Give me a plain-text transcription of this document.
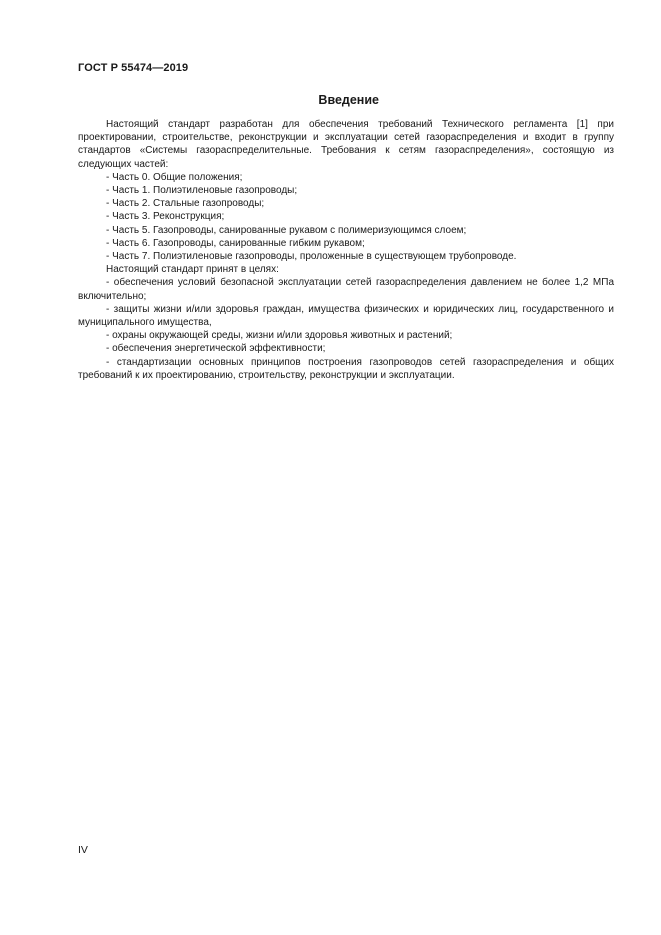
ГОСТ Р 55474—2019
Введение

Настоящий стандарт разработан для обеспечения требований Технического регламента [1] при проектировании, строительстве, реконструкции и эксплуатации сетей газораспределения и входит в группу стандартов «Системы газораспределительные. Требования к сетям газораспределения», состоящую из следующих частей:

- Часть 0. Общие положения;

- Часть 1. Полиэтиленовые газопроводы;

- Часть 2. Стальные газопроводы;

- Часть 3. Реконструкция;

- Часть 5. Газопроводы, санированные рукавом с полимеризующимся слоем;

- Часть 6. Газопроводы, санированные гибким рукавом;

- Часть 7. Полиэтиленовые газопроводы, проложенные в существующем трубопроводе.

Настоящий стандарт принят в целях:

- обеспечения условий безопасной эксплуатации сетей газораспределения давлением не более 1,2 МПа включительно;

- защиты жизни и/или здоровья граждан, имущества физических и юридических лиц, государственного и муниципального имущества,

- охраны окружающей среды, жизни и/или здоровья животных и растений;

- обеспечения энергетической эффективности;

- стандартизации основных принципов построения газопроводов сетей газораспределения и общих требований к их проектированию, строительству, реконструкции и эксплуатации.

IV
